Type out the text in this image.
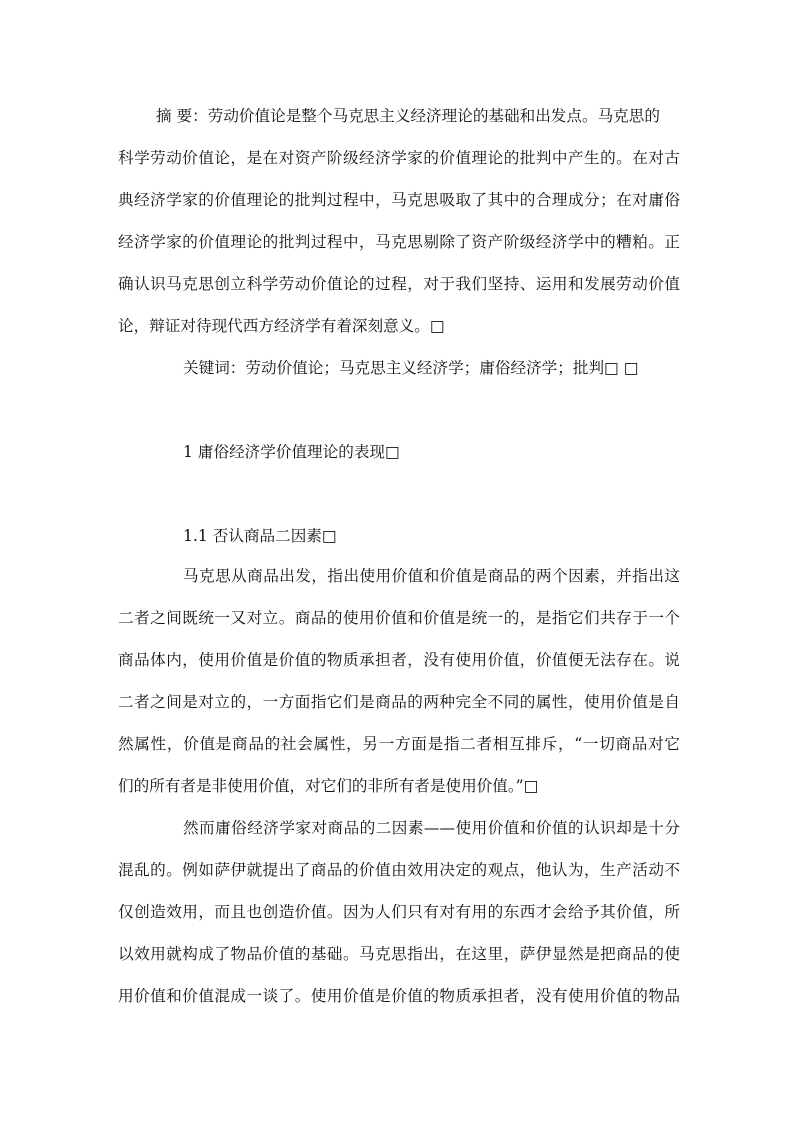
摘 要：劳动价值论是整个马克思主义经济理论的基础和出发点。马克思的
科学劳动价值论，是在对资产阶级经济学家的价值理论的批判中产生的。在对古
典经济学家的价值理论的批判过程中，马克思吸取了其中的合理成分；在对庸俗
经济学家的价值理论的批判过程中，马克思剔除了资产阶级经济学中的糟粕。正
确认识马克思创立科学劳动价值论的过程，对于我们坚持、运用和发展劳动价值
论，辩证对待现代西方经济学有着深刻意义。□
关键词：劳动价值论；马克思主义经济学；庸俗经济学；批判□ □
1 庸俗经济学价值理论的表现□
1.1 否认商品二因素□
马克思从商品出发，指出使用价值和价值是商品的两个因素，并指出这
二者之间既统一又对立。商品的使用价值和价值是统一的，是指它们共存于一个
商品体内，使用价值是价值的物质承担者，没有使用价值，价值便无法存在。说
二者之间是对立的，一方面指它们是商品的两种完全不同的属性，使用价值是自
然属性，价值是商品的社会属性，另一方面是指二者相互排斥，“一切商品对它
们的所有者是非使用价值，对它们的非所有者是使用价值。”□
然而庸俗经济学家对商品的二因素——使用价值和价值的认识却是十分
混乱的。例如萨伊就提出了商品的价值由效用决定的观点，他认为，生产活动不
仅创造效用，而且也创造价值。因为人们只有对有用的东西才会给予其价值，所
以效用就构成了物品价值的基础。马克思指出，在这里，萨伊显然是把商品的使
用价值和价值混成一谈了。使用价值是价值的物质承担者，没有使用价值的物品
